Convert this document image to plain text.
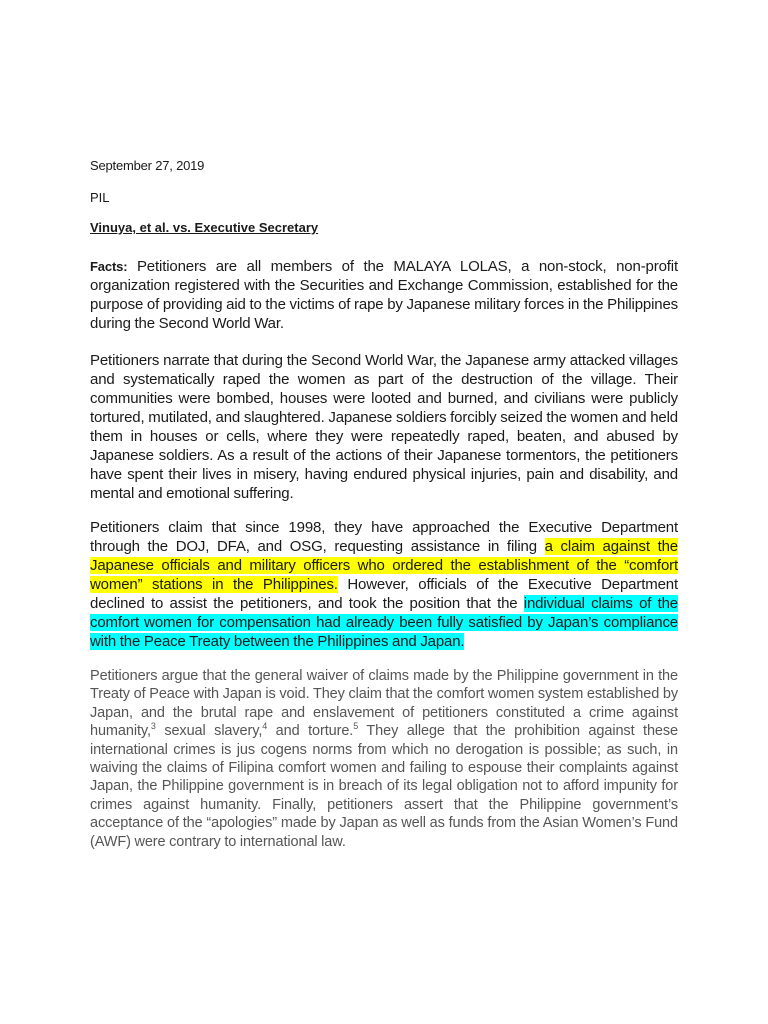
September 27, 2019
PIL
Vinuya, et al. vs. Executive Secretary
Facts: Petitioners are all members of the MALAYA LOLAS, a non-stock, non-profit organization registered with the Securities and Exchange Commission, established for the purpose of providing aid to the victims of rape by Japanese military forces in the Philippines during the Second World War.
Petitioners narrate that during the Second World War, the Japanese army attacked villages and systematically raped the women as part of the destruction of the village. Their communities were bombed, houses were looted and burned, and civilians were publicly tortured, mutilated, and slaughtered. Japanese soldiers forcibly seized the women and held them in houses or cells, where they were repeatedly raped, beaten, and abused by Japanese soldiers. As a result of the actions of their Japanese tormentors, the petitioners have spent their lives in misery, having endured physical injuries, pain and disability, and mental and emotional suffering.
Petitioners claim that since 1998, they have approached the Executive Department through the DOJ, DFA, and OSG, requesting assistance in filing a claim against the Japanese officials and military officers who ordered the establishment of the “comfort women” stations in the Philippines. However, officials of the Executive Department declined to assist the petitioners, and took the position that the individual claims of the comfort women for compensation had already been fully satisfied by Japan’s compliance with the Peace Treaty between the Philippines and Japan.
Petitioners argue that the general waiver of claims made by the Philippine government in the Treaty of Peace with Japan is void. They claim that the comfort women system established by Japan, and the brutal rape and enslavement of petitioners constituted a crime against humanity,$^3$ sexual slavery,$^4$ and torture.$^5$ They allege that the prohibition against these international crimes is jus cogens norms from which no derogation is possible; as such, in waiving the claims of Filipina comfort women and failing to espouse their complaints against Japan, the Philippine government is in breach of its legal obligation not to afford impunity for crimes against humanity. Finally, petitioners assert that the Philippine government’s acceptance of the “apologies” made by Japan as well as funds from the Asian Women’s Fund (AWF) were contrary to international law.
